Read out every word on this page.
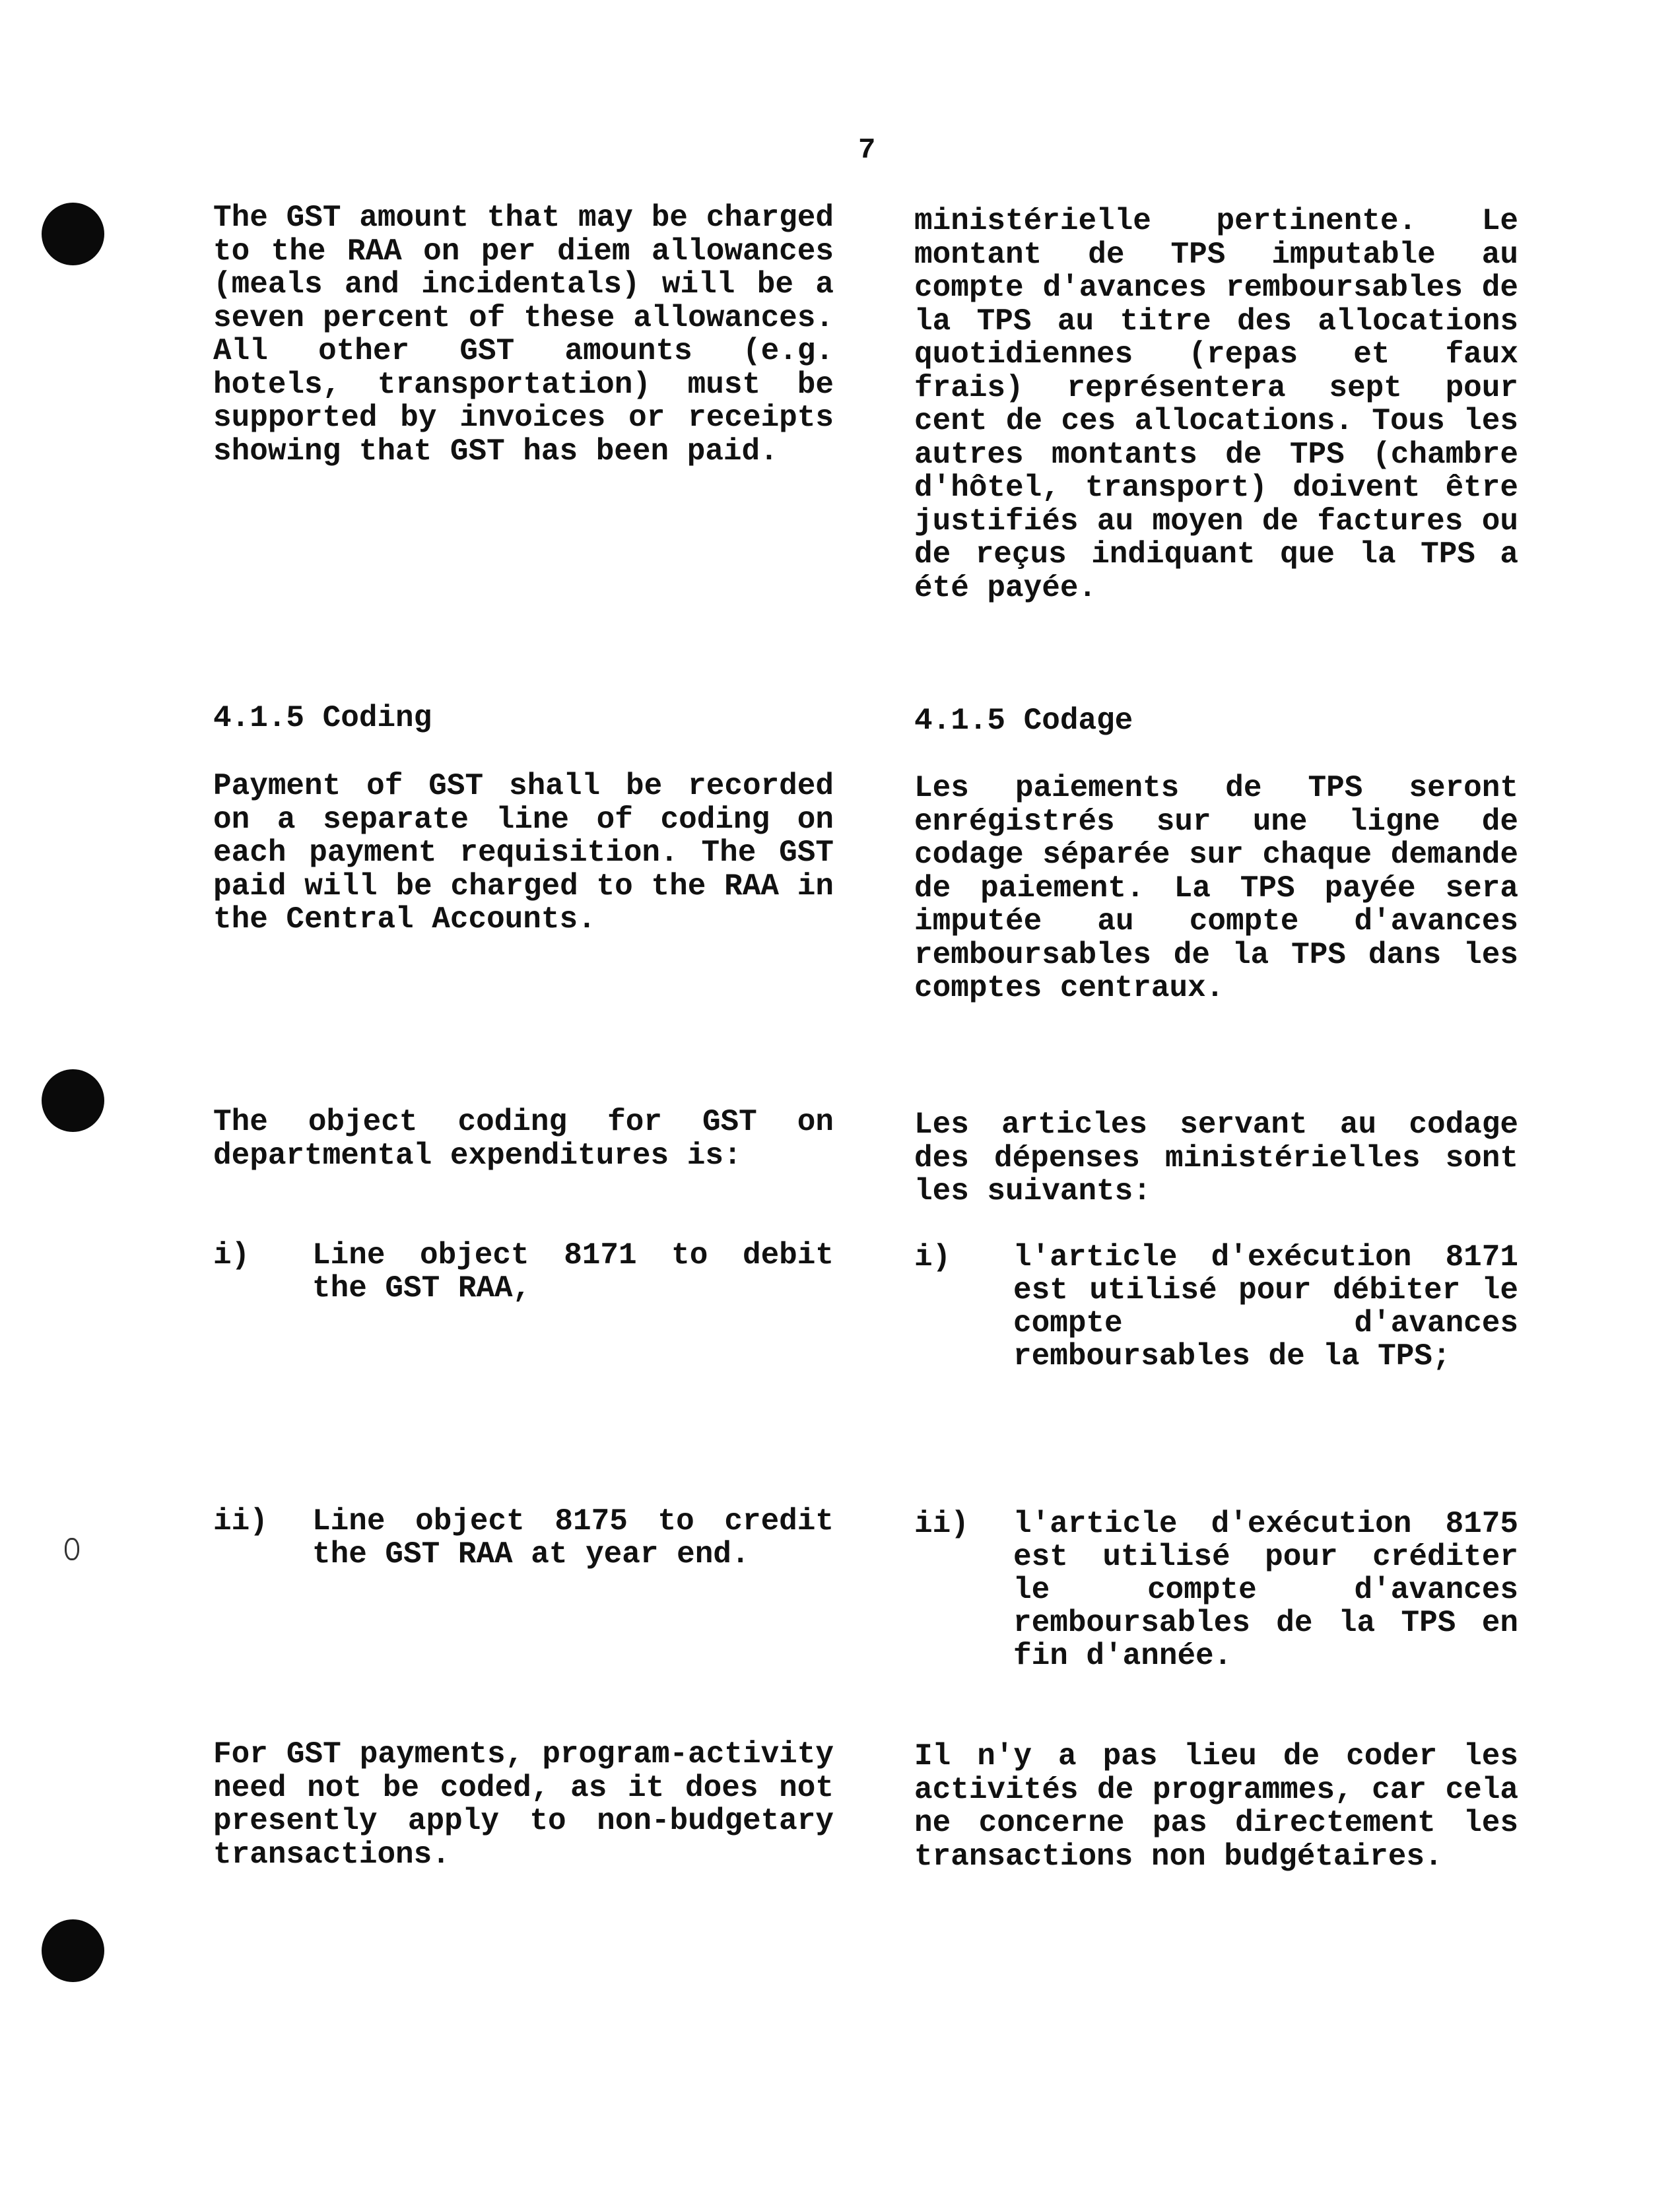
7
The GST amount that may be charged to the RAA on per diem allowances (meals and incidentals) will be a seven percent of these allowances. All other GST amounts (e.g. hotels, transportation) must be supported by invoices or receipts showing that GST has been paid.
ministérielle pertinente. Le montant de TPS imputable au compte d'avances remboursables de la TPS au titre des allocations quotidiennes (repas et faux frais) représentera sept pour cent de ces allocations. Tous les autres montants de TPS (chambre d'hôtel, transport) doivent être justifiés au moyen de factures ou de reçus indiquant que la TPS a été payée.
4.1.5 Coding	4.1.5 Codage
Payment of GST shall be recorded on a separate line of coding on each payment requisition. The GST paid will be charged to the RAA in the Central Accounts.
Les paiements de TPS seront enrégistrés sur une ligne de codage séparée sur chaque demande de paiement. La TPS payée sera imputée au compte d'avances remboursables de la TPS dans les comptes centraux.
The object coding for GST on departmental expenditures is:
Les articles servant au codage des dépenses ministérielles sont les suivants:
i) Line object 8171 to debit the GST RAA,
ii) Line object 8175 to credit the GST RAA at year end.
i) l'article d'exécution 8171 est utilisé pour débiter le compte d'avances remboursables de la TPS;
ii) l'article d'exécution 8175 est utilisé pour créditer le compte d'avances remboursables de la TPS en fin d'année.
For GST payments, program-activity need not be coded, as it does not presently apply to non-budgetary transactions.
Il n'y a pas lieu de coder les activités de programmes, car cela ne concerne pas directement les transactions non budgétaires.
